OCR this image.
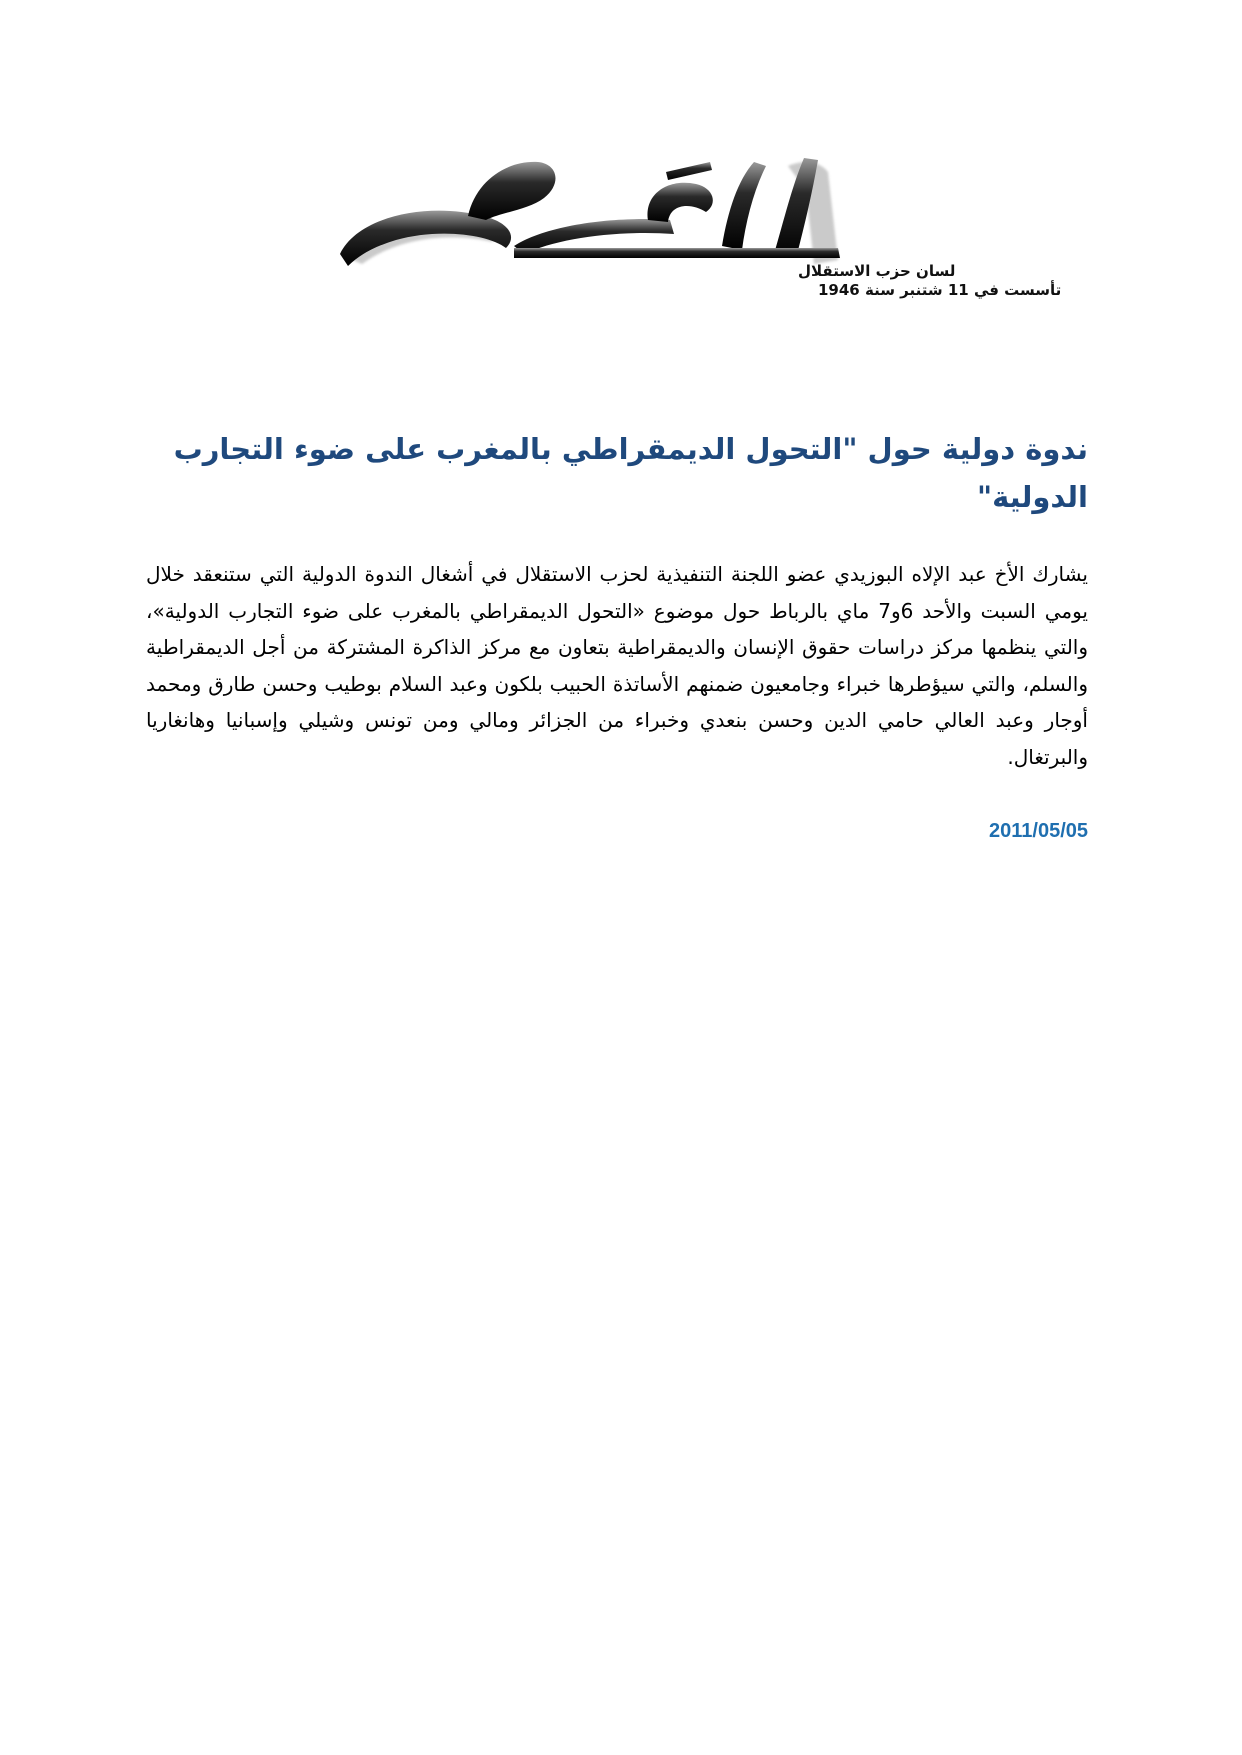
لسان حزب الاستقلال
تأسست في 11 شتنبر سنة 1946
ندوة دولية حول "التحول الديمقراطي بالمغرب على ضوء التجارب الدولية"

يشارك الأخ عبد الإلاه البوزيدي عضو اللجنة التنفيذية لحزب الاستقلال في أشغال الندوة الدولية التي ستنعقد خلال يومي السبت والأحد 6و7 ماي بالرباط حول موضوع «التحول الديمقراطي بالمغرب على ضوء التجارب الدولية»، والتي ينظمها مركز دراسات حقوق الإنسان والديمقراطية بتعاون مع مركز الذاكرة المشتركة من أجل الديمقراطية والسلم، والتي سيؤطرها خبراء وجامعيون ضمنهم الأساتذة الحبيب بلكون وعبد السلام بوطيب وحسن طارق ومحمد أوجار وعبد العالي حامي الدين وحسن بنعدي وخبراء من الجزائر ومالي ومن تونس وشيلي وإسبانيا وهانغاريا والبرتغال.

2011/05/05
